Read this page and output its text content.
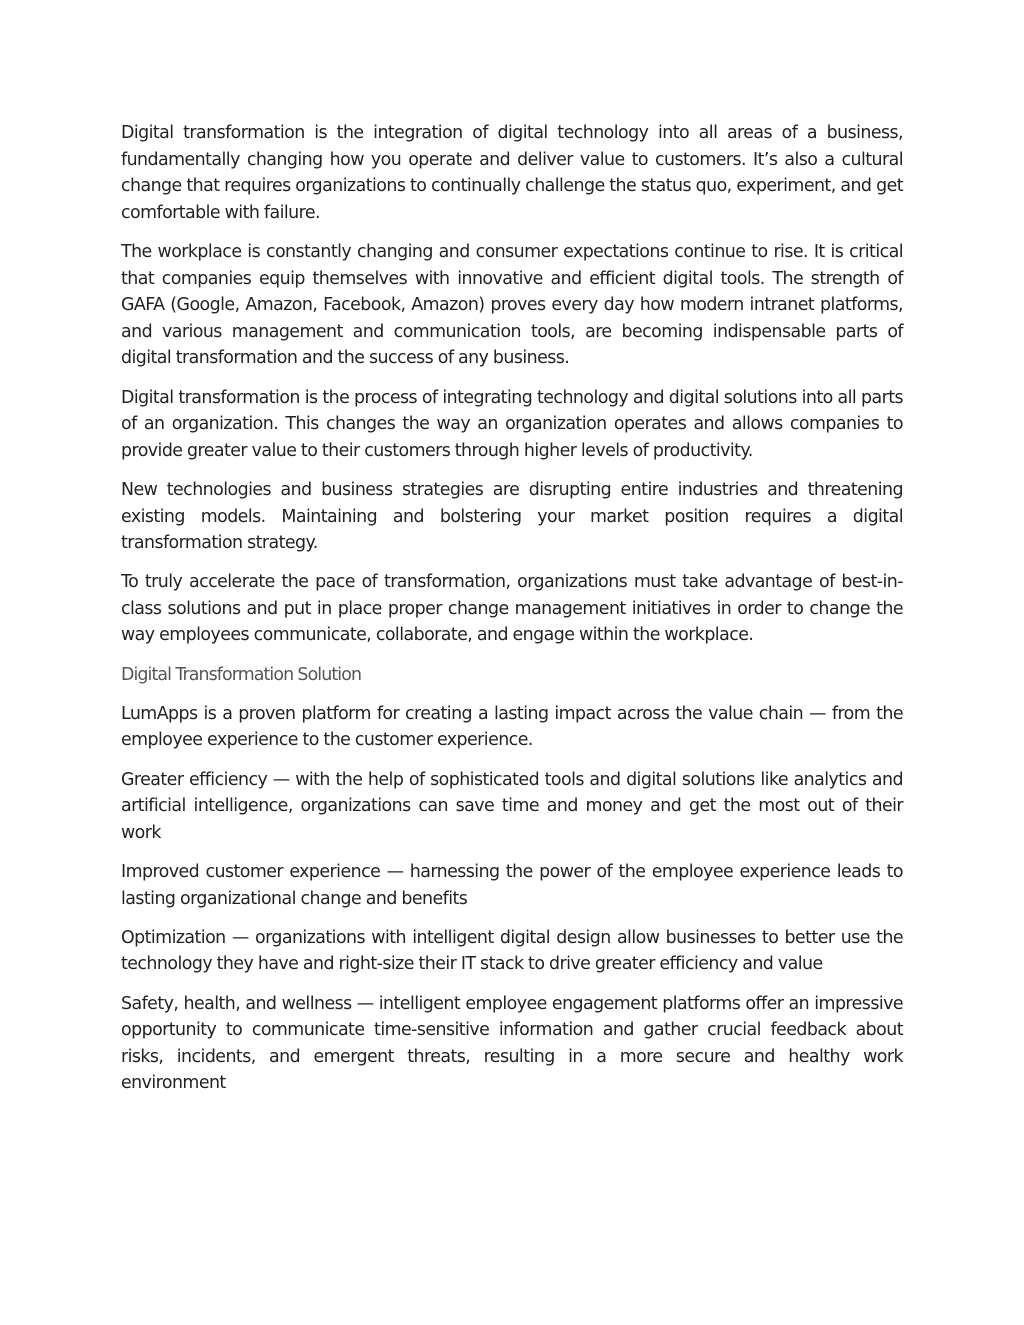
Digital transformation is the integration of digital technology into all areas of a business, fundamentally changing how you operate and deliver value to customers. It’s also a cultural change that requires organizations to continually challenge the status quo, experiment, and get comfortable with failure.

The workplace is constantly changing and consumer expectations continue to rise. It is critical that companies equip themselves with innovative and efficient digital tools. The strength of GAFA (Google, Amazon, Facebook, Amazon) proves every day how modern intranet platforms, and various management and communication tools, are becoming indispensable parts of digital transformation and the success of any business.

Digital transformation is the process of integrating technology and digital solutions into all parts of an organization. This changes the way an organization operates and allows companies to provide greater value to their customers through higher levels of productivity.

New technologies and business strategies are disrupting entire industries and threatening existing models. Maintaining and bolstering your market position requires a digital transformation strategy.

To truly accelerate the pace of transformation, organizations must take advantage of best-in-class solutions and put in place proper change management initiatives in order to change the way employees communicate, collaborate, and engage within the workplace.

Digital Transformation Solution

LumApps is a proven platform for creating a lasting impact across the value chain — from the employee experience to the customer experience.

Greater efficiency — with the help of sophisticated tools and digital solutions like analytics and artificial intelligence, organizations can save time and money and get the most out of their work

Improved customer experience — harnessing the power of the employee experience leads to lasting organizational change and benefits

Optimization — organizations with intelligent digital design allow businesses to better use the technology they have and right-size their IT stack to drive greater efficiency and value

Safety, health, and wellness — intelligent employee engagement platforms offer an impressive opportunity to communicate time-sensitive information and gather crucial feedback about risks, incidents, and emergent threats, resulting in a more secure and healthy work environment
